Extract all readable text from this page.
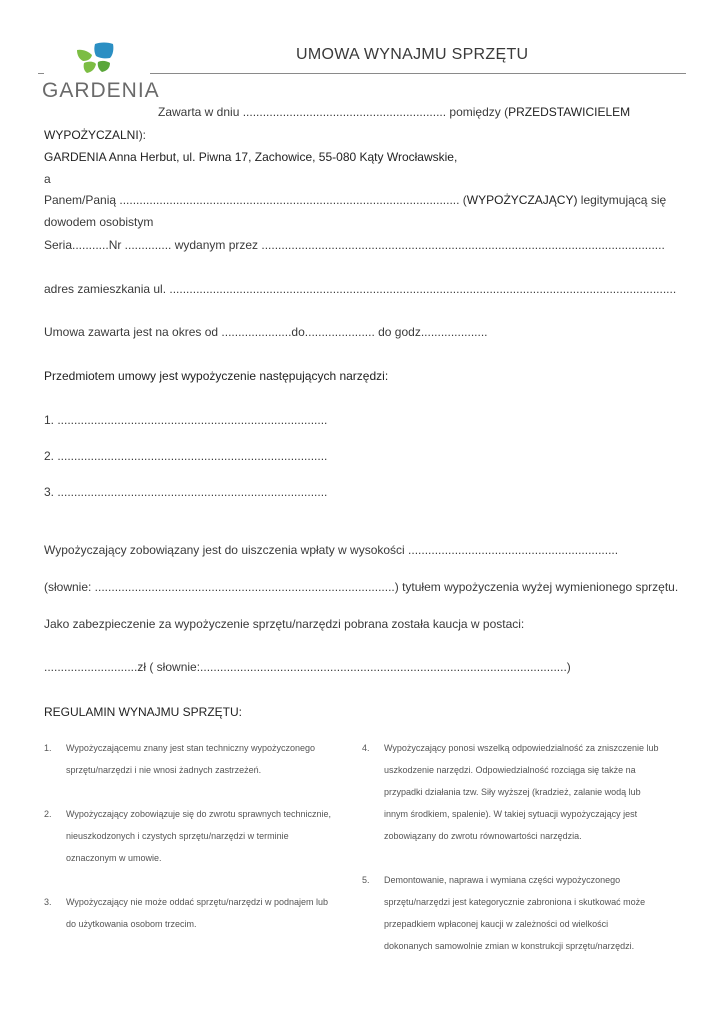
GARDENIA
UMOWA WYNAJMU SPRZĘTU
Zawarta w dniu ............................................................. pomiędzy (PRZEDSTAWICIELEM
WYPOŻYCZALNI):
GARDENIA Anna Herbut, ul. Piwna 17, Zachowice, 55-080 Kąty Wrocławskie,
a
Panem/Panią ...................................................................................................... (WYPOŻYCZAJĄCY) legitymującą się
dowodem osobistym
Seria...........Nr .............. wydanym przez .........................................................................................................................
adres zamieszkania ul. ........................................................................................................................................................
Umowa zawarta jest na okres od .....................do..................... do godz....................
Przedmiotem umowy jest wypożyczenie następujących narzędzi:
1. .................................................................................
2. .................................................................................
3. .................................................................................
Wypożyczający zobowiązany jest do uiszczenia wpłaty w wysokości ...............................................................
(słownie: ..........................................................................................) tytułem wypożyczenia wyżej wymienionego sprzętu.
Jako zabezpieczenie za wypożyczenie sprzętu/narzędzi pobrana została kaucja w postaci:
............................zł ( słownie:..............................................................................................................)
REGULAMIN WYNAJMU SPRZĘTU:
1. Wypożyczającemu znany jest stan techniczny wypożyczonego
sprzętu/narzędzi i nie wnosi żadnych zastrzeżeń.
2. Wypożyczający zobowiązuje się do zwrotu sprawnych technicznie,
nieuszkodzonych i czystych sprzętu/narzędzi w terminie
oznaczonym w umowie.
3. Wypożyczający nie może oddać sprzętu/narzędzi w podnajem lub
do użytkowania osobom trzecim.
4. Wypożyczający ponosi wszelką odpowiedzialność za zniszczenie lub
uszkodzenie narzędzi. Odpowiedzialność rozciąga się także na
przypadki działania tzw. Siły wyższej (kradzież, zalanie wodą lub
innym środkiem, spalenie). W takiej sytuacji wypożyczający jest
zobowiązany do zwrotu równowartości narzędzia.
5. Demontowanie, naprawa i wymiana części wypożyczonego
sprzętu/narzędzi jest kategorycznie zabroniona i skutkować może
przepadkiem wpłaconej kaucji w zależności od wielkości
dokonanych samowolnie zmian w konstrukcji sprzętu/narzędzi.
